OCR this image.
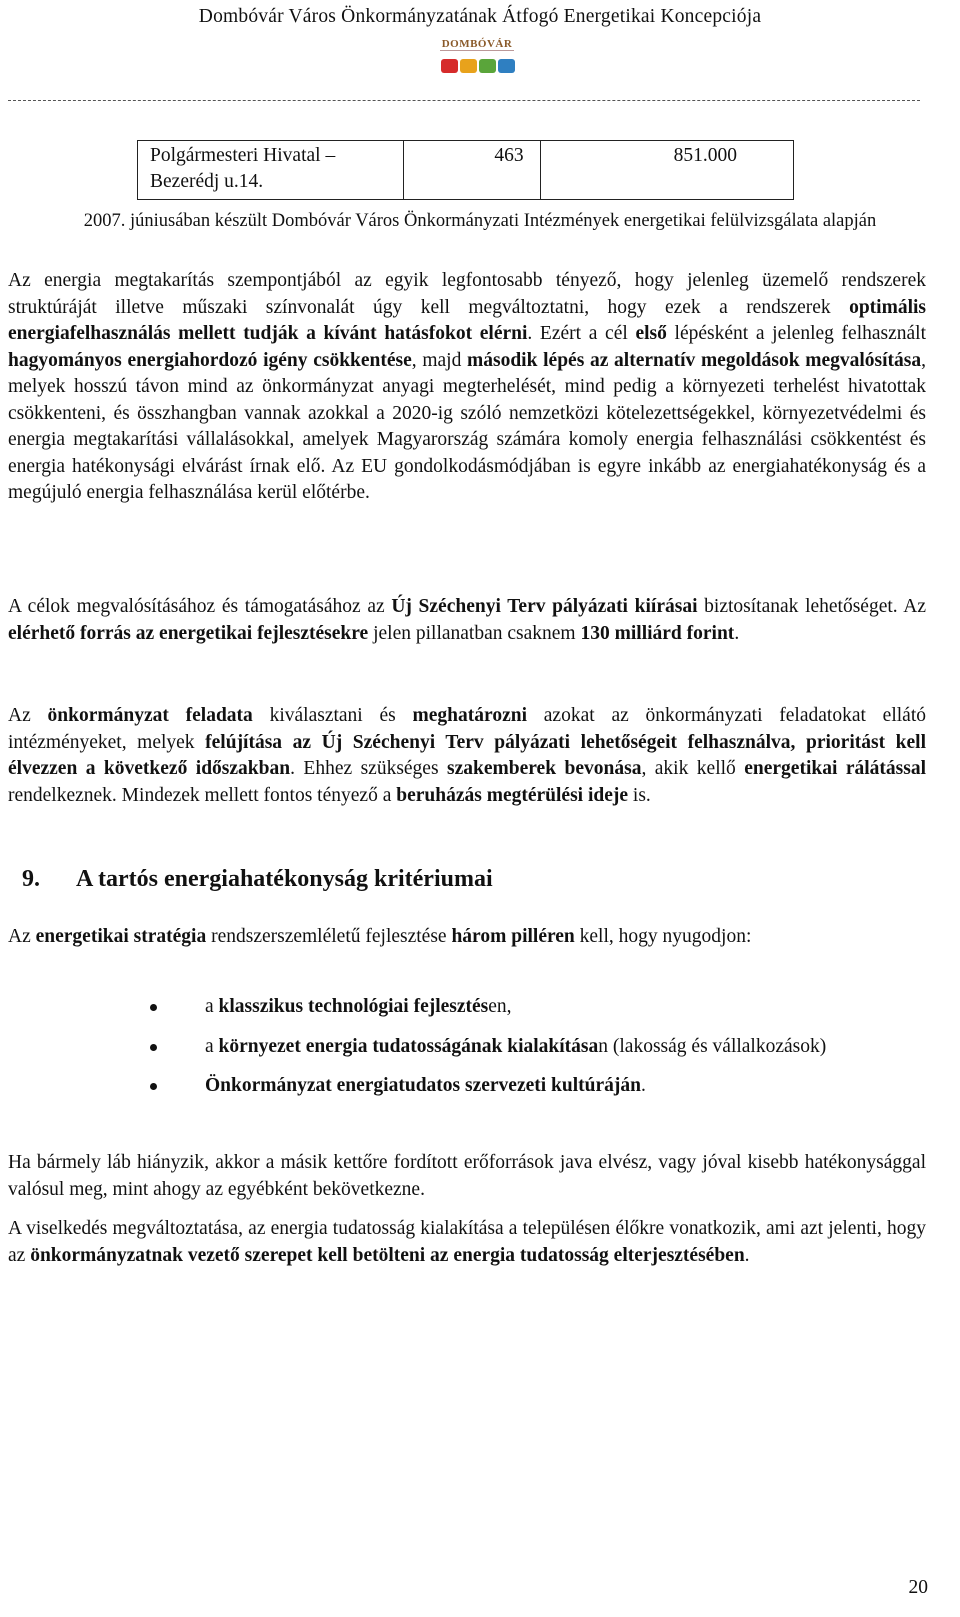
Dombóvár Város Önkormányzatának Átfogó Energetikai Koncepciója
DOMBÓVÁR
Polgármesteri Hivatal – Bezerédj u.14.	463	851.000
2007. júniusában készült Dombóvár Város Önkormányzati Intézmények energetikai felülvizsgálata alapján
Az energia megtakarítás szempontjából az egyik legfontosabb tényező, hogy jelenleg üzemelő rendszerek struktúráját illetve műszaki színvonalát úgy kell megváltoztatni, hogy ezek a rendszerek optimális energiafelhasználás mellett tudják a kívánt hatásfokot elérni. Ezért a cél első lépésként a jelenleg felhasznált hagyományos energiahordozó igény csökkentése, majd második lépés az alternatív megoldások megvalósítása, melyek hosszú távon mind az önkormányzat anyagi megterhelését, mind pedig a környezeti terhelést hivatottak csökkenteni, és összhangban vannak azokkal a 2020-ig szóló nemzetközi kötelezettségekkel, környezetvédelmi és energia megtakarítási vállalásokkal, amelyek Magyarország számára komoly energia felhasználási csökkentést és energia hatékonysági elvárást írnak elő. Az EU gondolkodásmódjában is egyre inkább az energiahatékonyság és a megújuló energia felhasználása kerül előtérbe.
A célok megvalósításához és támogatásához az Új Széchenyi Terv pályázati kiírásai biztosítanak lehetőséget. Az elérhető forrás az energetikai fejlesztésekre jelen pillanatban csaknem 130 milliárd forint.
Az önkormányzat feladata kiválasztani és meghatározni azokat az önkormányzati feladatokat ellátó intézményeket, melyek felújítása az Új Széchenyi Terv pályázati lehetőségeit felhasználva, prioritást kell élvezzen a következő időszakban. Ehhez szükséges szakemberek bevonása, akik kellő energetikai rálátással rendelkeznek. Mindezek mellett fontos tényező a beruházás megtérülési ideje is.
9. A tartós energiahatékonyság kritériumai
Az energetikai stratégia rendszerszemléletű fejlesztése három pilléren kell, hogy nyugodjon:
a klasszikus technológiai fejlesztésen,
a környezet energia tudatosságának kialakításan (lakosság és vállalkozások)
Önkormányzat energiatudatos szervezeti kultúráján.
Ha bármely láb hiányzik, akkor a másik kettőre fordított erőforrások java elvész, vagy jóval kisebb hatékonysággal valósul meg, mint ahogy az egyébként bekövetkezne.
A viselkedés megváltoztatása, az energia tudatosság kialakítása a településen élőkre vonatkozik, ami azt jelenti, hogy az önkormányzatnak vezető szerepet kell betölteni az energia tudatosság elterjesztésében.
20
